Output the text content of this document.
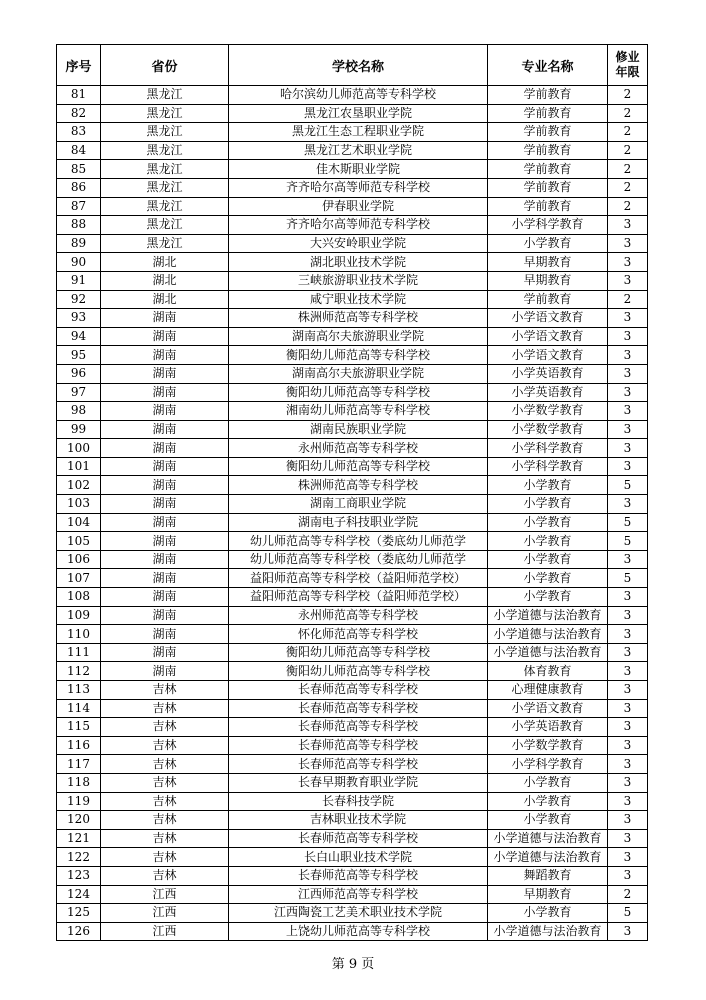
序号	省份	学校名称	专业名称	修业
年限
81	黑龙江	哈尔滨幼儿师范高等专科学校	学前教育	2
82	黑龙江	黑龙江农垦职业学院	学前教育	2
83	黑龙江	黑龙江生态工程职业学院	学前教育	2
84	黑龙江	黑龙江艺术职业学院	学前教育	2
85	黑龙江	佳木斯职业学院	学前教育	2
86	黑龙江	齐齐哈尔高等师范专科学校	学前教育	2
87	黑龙江	伊春职业学院	学前教育	2
88	黑龙江	齐齐哈尔高等师范专科学校	小学科学教育	3
89	黑龙江	大兴安岭职业学院	小学教育	3
90	湖北	湖北职业技术学院	早期教育	3
91	湖北	三峡旅游职业技术学院	早期教育	3
92	湖北	咸宁职业技术学院	学前教育	2
93	湖南	株洲师范高等专科学校	小学语文教育	3
94	湖南	湖南高尔夫旅游职业学院	小学语文教育	3
95	湖南	衡阳幼儿师范高等专科学校	小学语文教育	3
96	湖南	湖南高尔夫旅游职业学院	小学英语教育	3
97	湖南	衡阳幼儿师范高等专科学校	小学英语教育	3
98	湖南	湘南幼儿师范高等专科学校	小学数学教育	3
99	湖南	湖南民族职业学院	小学数学教育	3
100	湖南	永州师范高等专科学校	小学科学教育	3
101	湖南	衡阳幼儿师范高等专科学校	小学科学教育	3
102	湖南	株洲师范高等专科学校	小学教育	5
103	湖南	湖南工商职业学院	小学教育	3
104	湖南	湖南电子科技职业学院	小学教育	5
105	湖南	幼儿师范高等专科学校（娄底幼儿师范学	小学教育	5
106	湖南	幼儿师范高等专科学校（娄底幼儿师范学	小学教育	3
107	湖南	益阳师范高等专科学校（益阳师范学校）	小学教育	5
108	湖南	益阳师范高等专科学校（益阳师范学校）	小学教育	3
109	湖南	永州师范高等专科学校	小学道德与法治教育	3
110	湖南	怀化师范高等专科学校	小学道德与法治教育	3
111	湖南	衡阳幼儿师范高等专科学校	小学道德与法治教育	3
112	湖南	衡阳幼儿师范高等专科学校	体育教育	3
113	吉林	长春师范高等专科学校	心理健康教育	3
114	吉林	长春师范高等专科学校	小学语文教育	3
115	吉林	长春师范高等专科学校	小学英语教育	3
116	吉林	长春师范高等专科学校	小学数学教育	3
117	吉林	长春师范高等专科学校	小学科学教育	3
118	吉林	长春早期教育职业学院	小学教育	3
119	吉林	长春科技学院	小学教育	3
120	吉林	吉林职业技术学院	小学教育	3
121	吉林	长春师范高等专科学校	小学道德与法治教育	3
122	吉林	长白山职业技术学院	小学道德与法治教育	3
123	吉林	长春师范高等专科学校	舞蹈教育	3
124	江西	江西师范高等专科学校	早期教育	2
125	江西	江西陶瓷工艺美术职业技术学院	小学教育	5
126	江西	上饶幼儿师范高等专科学校	小学道德与法治教育	3
第 9 页
